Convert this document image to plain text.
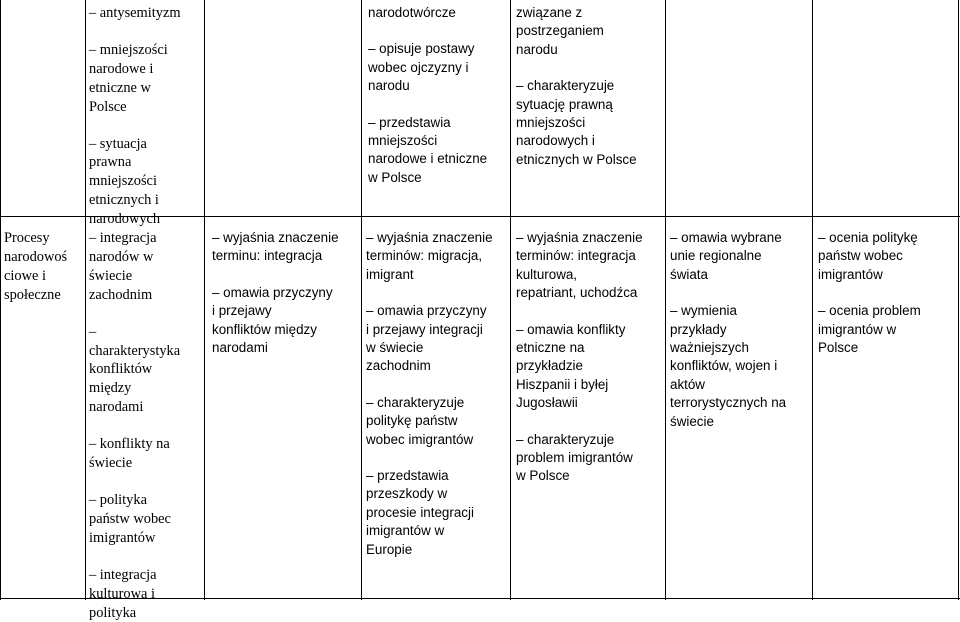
– antysemityzm

– mniejszości

narodowe i

etniczne w

Polsce

– sytuacja

prawna

mniejszości

etnicznych i

narodowych

narodotwórcze

– opisuje postawy

wobec ojczyzny i

narodu

– przedstawia

mniejszości

narodowe i etniczne

w Polsce

związane z

postrzeganiem

narodu

– charakteryzuje

sytuację prawną

mniejszości

narodowych i

etnicznych w Polsce

Procesy

narodowoś

ciowe i

społeczne

– integracja

narodów w

świecie

zachodnim

–

charakterystyka

konfliktów

między

narodami

– konflikty na

świecie

– polityka

państw wobec

imigrantów

– integracja

kulturowa i

polityka

– wyjaśnia znaczenie

terminu: integracja

– omawia przyczyny

i przejawy

konfliktów między

narodami

– wyjaśnia znaczenie

terminów: migracja,

imigrant

– omawia przyczyny

i przejawy integracji

w świecie

zachodnim

– charakteryzuje

politykę państw

wobec imigrantów

– przedstawia

przeszkody w

procesie integracji

imigrantów w

Europie

– wyjaśnia znaczenie

terminów: integracja

kulturowa,

repatriant, uchodźca

– omawia konflikty

etniczne na

przykładzie

Hiszpanii i byłej

Jugosławii

– charakteryzuje

problem imigrantów

w Polsce

– omawia wybrane

unie regionalne

świata

– wymienia

przykłady

ważniejszych

konfliktów, wojen i

aktów

terrorystycznych na

świecie

– ocenia politykę

państw wobec

imigrantów

– ocenia problem

imigrantów w

Polsce
